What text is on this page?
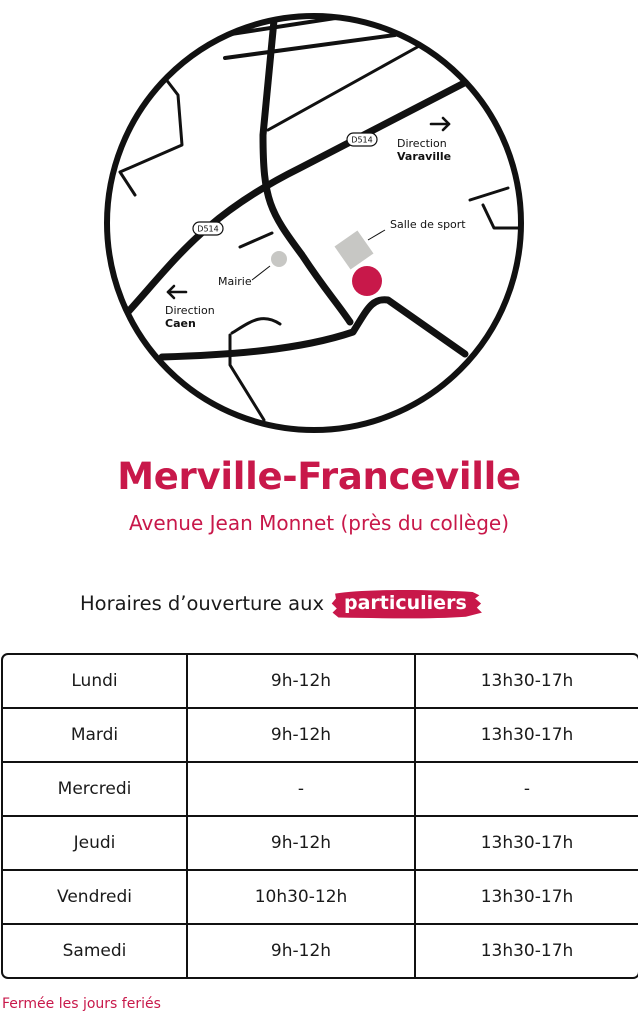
D514
D514
Direction
Varaville
Direction
Caen
Salle de sport
Mairie
Merville-Franceville
Avenue Jean Monnet (près du collège)
Horaires d’ouverture aux	particuliers
Lundi	9h-12h	13h30-17h
Mardi	9h-12h	13h30-17h
Mercredi	-	-
Jeudi	9h-12h	13h30-17h
Vendredi	10h30-12h	13h30-17h
Samedi	9h-12h	13h30-17h
Fermée les jours feriés
